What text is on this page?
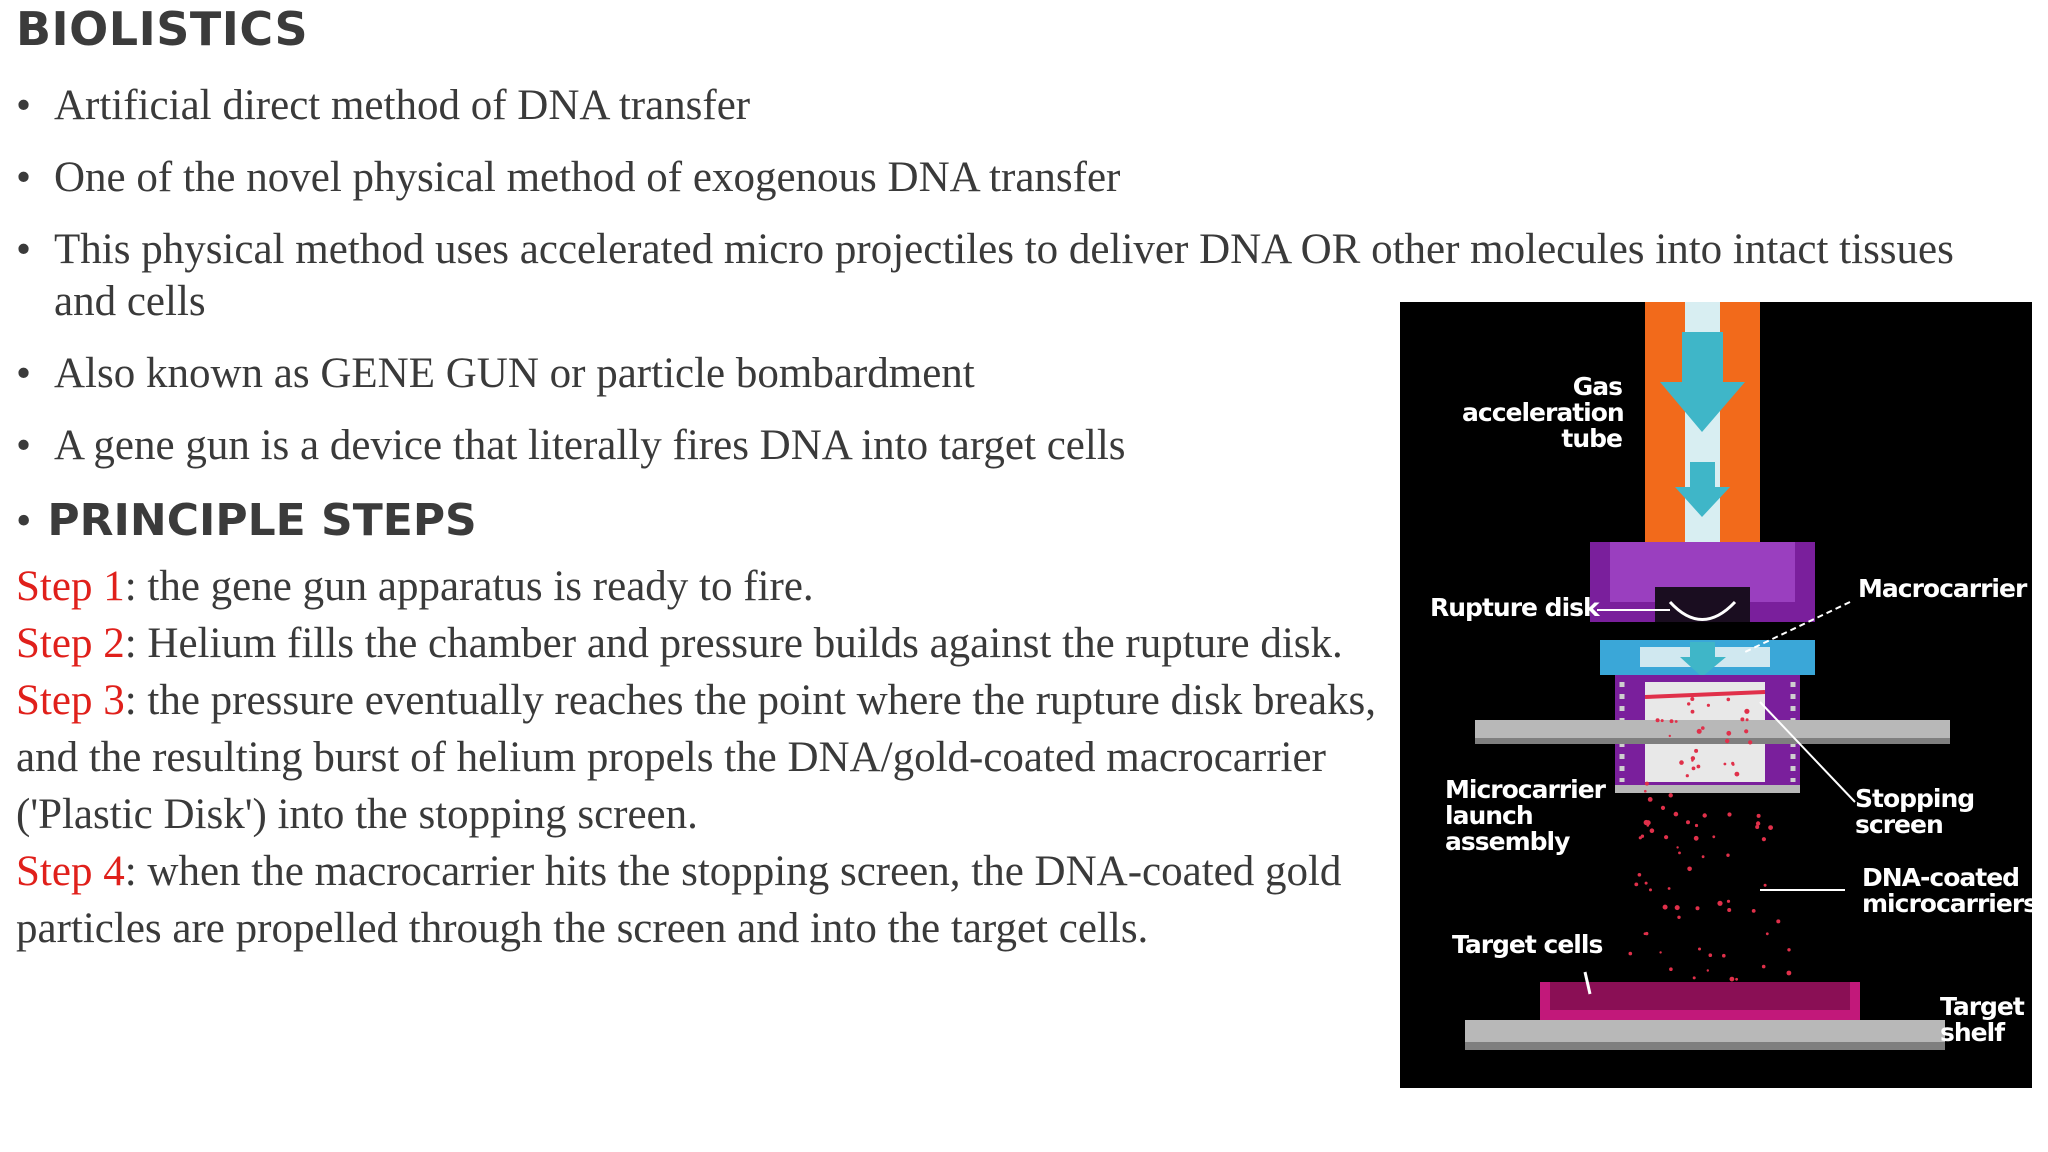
BIOLISTICS
• Artificial direct method of DNA transfer
• One of the novel physical method of exogenous DNA transfer
• This physical method uses accelerated micro projectiles to deliver DNA OR other molecules into intact tissues and cells
• Also known as GENE GUN or particle bombardment
• A gene gun is a device that literally fires DNA into target cells
• PRINCIPLE STEPS
Step 1: the gene gun apparatus is ready to fire.
Step 2: Helium fills the chamber and pressure builds against the rupture disk.
Step 3: the pressure eventually reaches the point where the rupture disk breaks, and the resulting burst of helium propels the DNA/gold-coated macrocarrier ('Plastic Disk') into the stopping screen.
Step 4: when the macrocarrier hits the stopping screen, the DNA-coated gold particles are propelled through the screen and into the target cells.
Gas
acceleration
tube
Rupture disk
Macrocarrier
Microcarrier
launch
assembly
Stopping
screen
DNA-coated
microcarriers
Target cells
Target
shelf
